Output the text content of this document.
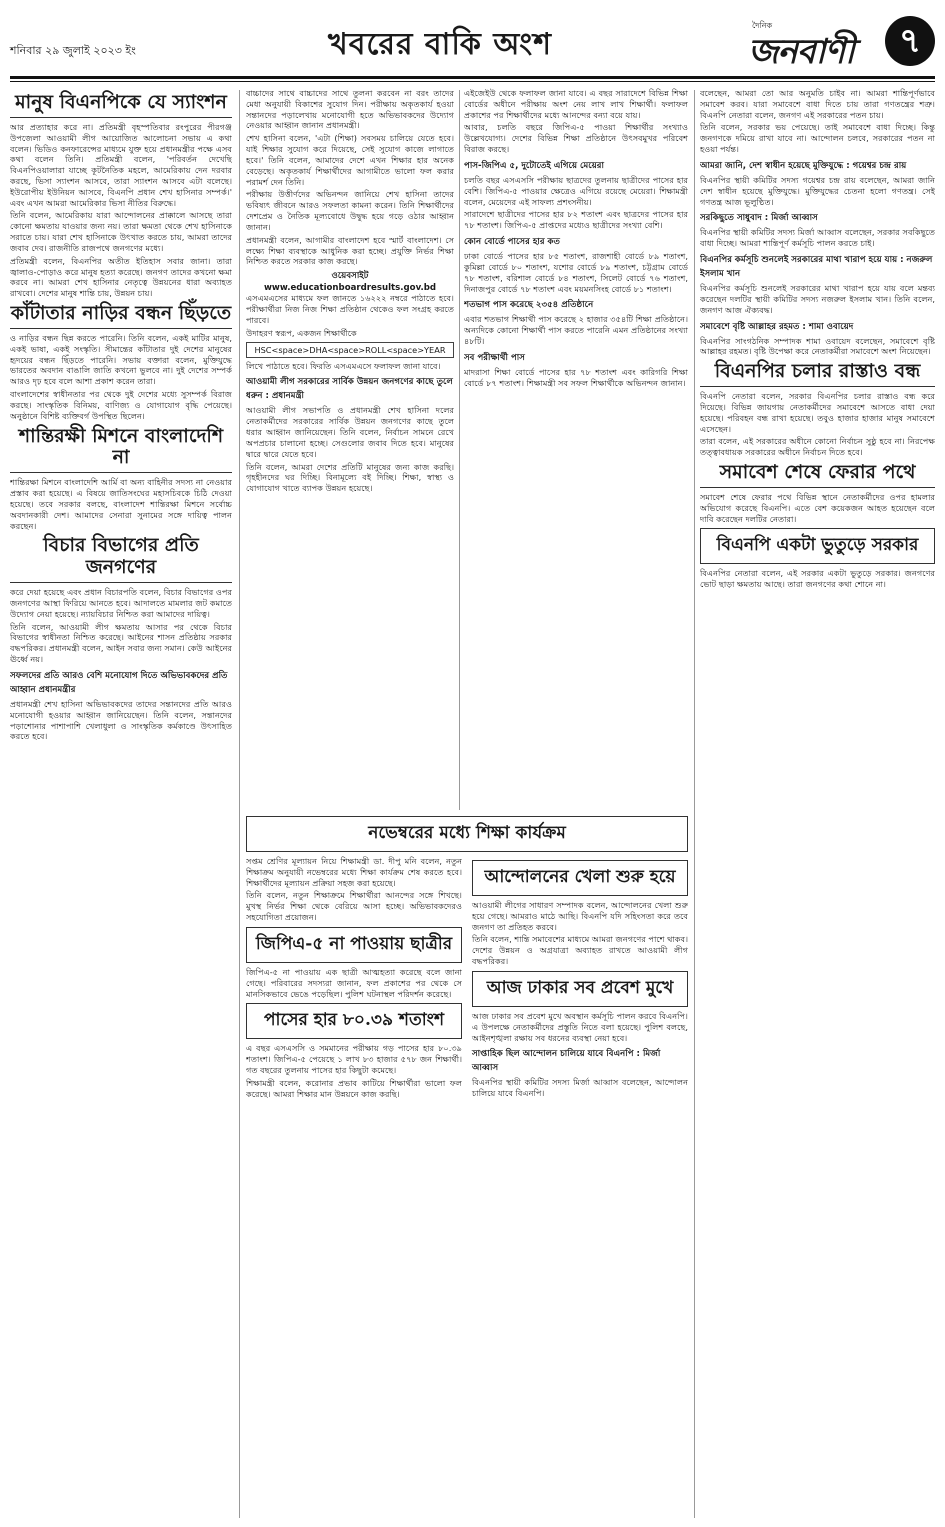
শনিবার ২৯ জুলাই ২০২৩ ইং	খবরের বাকি অংশ
দৈনিক
জনবাণী	৭
মানুষ বিএনপিকে যে স্যাংশন

আর প্রত্যাহার করে না। প্রতিমন্ত্রী বৃহস্পতিবার রংপুরের পীরগঞ্জ উপজেলা আওয়ামী লীগ আয়োজিত আলোচনা সভায় এ কথা বলেন। ভিডিও কনফারেন্সের মাধ্যমে যুক্ত হয়ে প্রধানমন্ত্রীর পক্ষে এসব কথা বলেন তিনি। প্রতিমন্ত্রী বলেন, 'পরিবর্তন দেখেছি বিএনপিওয়ালারা যাচ্ছে কূটনৈতিক মহলে, আমেরিকায় দেন দরবার করছে, ভিসা স্যাংশন আসবে, তারা স্যাংশন আসবে এটা বলেছে। ইউরোপীয় ইউনিয়ন আসবে, বিএনপি প্রধান শেখ হাসিনার সম্পর্ক।' এবং এখন আমরা আমেরিকার ভিসা নীতির বিরুদ্ধে।

তিনি বলেন, আমেরিকায় যারা আন্দোলনের প্রাক্কালে আসছে তারা কোনো ক্ষমতায় যাওয়ার জন্য নয়। তারা ক্ষমতা থেকে শেখ হাসিনাকে সরাতে চায়। যারা শেখ হাসিনাকে উৎখাত করতে চায়, আমরা তাদের জবাব দেব। রাজনীতি রাজপথে জনগণের মধ্যে।

প্রতিমন্ত্রী বলেন, বিএনপির অতীত ইতিহাস সবার জানা। তারা জ্বালাও-পোড়াও করে মানুষ হত্যা করেছে। জনগণ তাদের কখনো ক্ষমা করবে না। আমরা শেখ হাসিনার নেতৃত্বে উন্নয়নের ধারা অব্যাহত রাখবো। দেশের মানুষ শান্তি চায়, উন্নয়ন চায়।

কাঁটাতার নাড়ির বন্ধন ছিঁড়তে

ও নাড়ির বন্ধন ছিন্ন করতে পারেনি। তিনি বলেন, একই মাটির মানুষ, একই ভাষা, একই সংস্কৃতি। সীমান্তের কাঁটাতার দুই দেশের মানুষের হৃদয়ের বন্ধন ছিঁড়তে পারেনি। সভায় বক্তারা বলেন, মুক্তিযুদ্ধে ভারতের অবদান বাঙালি জাতি কখনো ভুলবে না। দুই দেশের সম্পর্ক আরও দৃঢ় হবে বলে আশা প্রকাশ করেন তারা।

বাংলাদেশের স্বাধীনতার পর থেকে দুই দেশের মধ্যে সুসম্পর্ক বিরাজ করছে। সাংস্কৃতিক বিনিময়, বাণিজ্য ও যোগাযোগ বৃদ্ধি পেয়েছে। অনুষ্ঠানে বিশিষ্ট ব্যক্তিবর্গ উপস্থিত ছিলেন।

শান্তিরক্ষী মিশনে বাংলাদেশি না

শান্তিরক্ষা মিশনে বাংলাদেশি আর্মি বা অন্য বাহিনীর সদস্য না নেওয়ার প্রস্তাব করা হয়েছে। এ বিষয়ে জাতিসংঘের মহাসচিবকে চিঠি দেওয়া হয়েছে। তবে সরকার বলছে, বাংলাদেশ শান্তিরক্ষা মিশনে সর্বোচ্চ অবদানকারী দেশ। আমাদের সেনারা সুনামের সঙ্গে দায়িত্ব পালন করছেন।

বিচার বিভাগের প্রতি জনগণের

করে দেয়া হয়েছে এবং প্রধান বিচারপতি বলেন, বিচার বিভাগের ওপর জনগণের আস্থা ফিরিয়ে আনতে হবে। আদালতে মামলার জট কমাতে উদ্যোগ নেয়া হয়েছে। ন্যায়বিচার নিশ্চিত করা আমাদের দায়িত্ব।

তিনি বলেন, আওয়ামী লীগ ক্ষমতায় আসার পর থেকে বিচার বিভাগের স্বাধীনতা নিশ্চিত করেছে। আইনের শাসন প্রতিষ্ঠায় সরকার বদ্ধপরিকর। প্রধানমন্ত্রী বলেন, আইন সবার জন্য সমান। কেউ আইনের ঊর্ধ্বে নয়।

সফলদের প্রতি আরও বেশি মনোযোগ দিতে অভিভাবকদের প্রতি আহ্বান প্রধানমন্ত্রীর

প্রধানমন্ত্রী শেখ হাসিনা অভিভাবকদের তাদের সন্তানদের প্রতি আরও মনোযোগী হওয়ার আহ্বান জানিয়েছেন। তিনি বলেন, সন্তানদের পড়াশোনার পাশাপাশি খেলাধুলা ও সাংস্কৃতিক কর্মকাণ্ডে উৎসাহিত করতে হবে।

বাচ্চাদের সাথে বাচ্চাদের সাথে তুলনা করবেন না বরং তাদের মেধা অনুযায়ী বিকাশের সুযোগ দিন। পরীক্ষায় অকৃতকার্য হওয়া সন্তানদের পড়ালেখায় মনোযোগী হতে অভিভাবকদের উদ্যোগ নেওয়ার আহ্বান জানান প্রধানমন্ত্রী।

শেখ হাসিনা বলেন, 'এটা (শিক্ষা) সবসময় চালিয়ে যেতে হবে। যাই শিক্ষার সুযোগ করে দিয়েছে, সেই সুযোগ কাজে লাগাতে হবে।' তিনি বলেন, আমাদের দেশে এখন শিক্ষার হার অনেক বেড়েছে। অকৃতকার্য শিক্ষার্থীদের আগামীতে ভালো ফল করার পরামর্শ দেন তিনি।

পরীক্ষায় উত্তীর্ণদের অভিনন্দন জানিয়ে শেখ হাসিনা তাদের ভবিষ্যৎ জীবনে আরও সফলতা কামনা করেন। তিনি শিক্ষার্থীদের দেশপ্রেম ও নৈতিক মূল্যবোধে উদ্বুদ্ধ হয়ে গড়ে ওঠার আহ্বান জানান।

প্রধানমন্ত্রী বলেন, আগামীর বাংলাদেশ হবে স্মার্ট বাংলাদেশ। সে লক্ষ্যে শিক্ষা ব্যবস্থাকে আধুনিক করা হচ্ছে। প্রযুক্তি নির্ভর শিক্ষা নিশ্চিত করতে সরকার কাজ করছে।

ওয়েবসাইট www.educationboardresults.gov.bd

এসএমএসের মাধ্যমে ফল জানতে ১৬২২২ নম্বরে পাঠাতে হবে। পরীক্ষার্থীরা নিজ নিজ শিক্ষা প্রতিষ্ঠান থেকেও ফল সংগ্রহ করতে পারবে।

উদাহরণ স্বরূপ, একজন শিক্ষার্থীকে

HSC<space>DHA<space>ROLL<space>YEAR

লিখে পাঠাতে হবে। ফিরতি এসএমএসে ফলাফল জানা যাবে।

আওয়ামী লীগ সরকারের সার্বিক উন্নয়ন জনগণের কাছে তুলে ধরুন : প্রধানমন্ত্রী

আওয়ামী লীগ সভাপতি ও প্রধানমন্ত্রী শেখ হাসিনা দলের নেতাকর্মীদের সরকারের সার্বিক উন্নয়ন জনগণের কাছে তুলে ধরার আহ্বান জানিয়েছেন। তিনি বলেন, নির্বাচন সামনে রেখে অপপ্রচার চালানো হচ্ছে। সেগুলোর জবাব দিতে হবে। মানুষের দ্বারে দ্বারে যেতে হবে।

তিনি বলেন, আমরা দেশের প্রতিটি মানুষের জন্য কাজ করছি। গৃহহীনদের ঘর দিচ্ছি। বিনামূল্যে বই দিচ্ছি। শিক্ষা, স্বাস্থ্য ও যোগাযোগ খাতে ব্যাপক উন্নয়ন হয়েছে।

এইজেইউ থেকে ফলাফল জানা যাবে। এ বছর সারাদেশে বিভিন্ন শিক্ষা বোর্ডের অধীনে পরীক্ষায় অংশ নেয় লাখ লাখ শিক্ষার্থী। ফলাফল প্রকাশের পর শিক্ষার্থীদের মধ্যে আনন্দের বন্যা বয়ে যায়।

আবার, চলতি বছরে জিপিএ-৫ পাওয়া শিক্ষার্থীর সংখ্যাও উল্লেখযোগ্য। দেশের বিভিন্ন শিক্ষা প্রতিষ্ঠানে উৎসবমুখর পরিবেশ বিরাজ করছে।

পাস-জিপিএ ৫, দুটোতেই এগিয়ে মেয়েরা

চলতি বছর এসএসসি পরীক্ষায় ছাত্রদের তুলনায় ছাত্রীদের পাসের হার বেশি। জিপিএ-৫ পাওয়ার ক্ষেত্রেও এগিয়ে রয়েছে মেয়েরা। শিক্ষামন্ত্রী বলেন, মেয়েদের এই সাফল্য প্রশংসনীয়।

সারাদেশে ছাত্রীদের পাসের হার ৮২ শতাংশ এবং ছাত্রদের পাসের হার ৭৮ শতাংশ। জিপিএ-৫ প্রাপ্তদের মধ্যেও ছাত্রীদের সংখ্যা বেশি।

কোন বোর্ডে পাসের হার কত

ঢাকা বোর্ডে পাসের হার ৮৫ শতাংশ, রাজশাহী বোর্ডে ৮৯ শতাংশ, কুমিল্লা বোর্ডে ৮০ শতাংশ, যশোর বোর্ডে ৮৯ শতাংশ, চট্টগ্রাম বোর্ডে ৭৮ শতাংশ, বরিশাল বোর্ডে ৮৪ শতাংশ, সিলেট বোর্ডে ৭৬ শতাংশ, দিনাজপুর বোর্ডে ৭৮ শতাংশ এবং ময়মনসিংহ বোর্ডে ৮১ শতাংশ।

শতভাগ পাস করেছে ২৩৫৪ প্রতিষ্ঠানে

এবার শতভাগ শিক্ষার্থী পাস করেছে ২ হাজার ৩৫৪টি শিক্ষা প্রতিষ্ঠানে। অন্যদিকে কোনো শিক্ষার্থী পাস করতে পারেনি এমন প্রতিষ্ঠানের সংখ্যা ৪৮টি।

সব পরীক্ষার্থী পাস

মাদরাসা শিক্ষা বোর্ডে পাসের হার ৭৮ শতাংশ এবং কারিগরি শিক্ষা বোর্ডে ৮৭ শতাংশ। শিক্ষামন্ত্রী সব সফল শিক্ষার্থীকে অভিনন্দন জানান।

নভেম্বরের মধ্যে শিক্ষা কার্যক্রম

সপ্তম শ্রেণির মূল্যায়ন নিয়ে শিক্ষামন্ত্রী ডা. দীপু মনি বলেন, নতুন শিক্ষাক্রম অনুযায়ী নভেম্বরের মধ্যে শিক্ষা কার্যক্রম শেষ করতে হবে। শিক্ষার্থীদের মূল্যায়ন প্রক্রিয়া সহজ করা হয়েছে।

তিনি বলেন, নতুন শিক্ষাক্রমে শিক্ষার্থীরা আনন্দের সঙ্গে শিখছে। মুখস্থ নির্ভর শিক্ষা থেকে বেরিয়ে আসা হচ্ছে। অভিভাবকদেরও সহযোগিতা প্রয়োজন।

জিপিএ-৫ না পাওয়ায় ছাত্রীর

জিপিএ-৫ না পাওয়ায় এক ছাত্রী আত্মহত্যা করেছে বলে জানা গেছে। পরিবারের সদস্যরা জানান, ফল প্রকাশের পর থেকে সে মানসিকভাবে ভেঙে পড়েছিল। পুলিশ ঘটনাস্থল পরিদর্শন করেছে।

পাসের হার ৮০.৩৯ শতাংশ

এ বছর এসএসসি ও সমমানের পরীক্ষায় গড় পাসের হার ৮০.৩৯ শতাংশ। জিপিএ-৫ পেয়েছে ১ লাখ ৮৩ হাজার ৫৭৮ জন শিক্ষার্থী। গত বছরের তুলনায় পাসের হার কিছুটা কমেছে।

শিক্ষামন্ত্রী বলেন, করোনার প্রভাব কাটিয়ে শিক্ষার্থীরা ভালো ফল করেছে। আমরা শিক্ষার মান উন্নয়নে কাজ করছি।

আন্দোলনের খেলা শুরু হয়ে

আওয়ামী লীগের সাধারণ সম্পাদক বলেন, আন্দোলনের খেলা শুরু হয়ে গেছে। আমরাও মাঠে আছি। বিএনপি যদি সহিংসতা করে তবে জনগণ তা প্রতিহত করবে।

তিনি বলেন, শান্তি সমাবেশের মাধ্যমে আমরা জনগণের পাশে থাকব। দেশের উন্নয়ন ও অগ্রযাত্রা অব্যাহত রাখতে আওয়ামী লীগ বদ্ধপরিকর।

আজ ঢাকার সব প্রবেশ মুখে

আজ ঢাকার সব প্রবেশ মুখে অবস্থান কর্মসূচি পালন করবে বিএনপি। এ উপলক্ষে নেতাকর্মীদের প্রস্তুতি নিতে বলা হয়েছে। পুলিশ বলছে, আইনশৃঙ্খলা রক্ষায় সব ধরনের ব্যবস্থা নেয়া হবে।

সাপ্তাহিক ছিল আন্দোলন চালিয়ে যাবে বিএনপি : মির্জা আব্বাস

বিএনপির স্থায়ী কমিটির সদস্য মির্জা আব্বাস বলেছেন, আন্দোলন চালিয়ে যাবে বিএনপি।

বলেছেন, আমরা তো আর অনুমতি চাইব না। আমরা শান্তিপূর্ণভাবে সমাবেশ করব। যারা সমাবেশে বাধা দিতে চায় তারা গণতন্ত্রের শত্রু। বিএনপি নেতারা বলেন, জনগণ এই সরকারের পতন চায়।

তিনি বলেন, সরকার ভয় পেয়েছে। তাই সমাবেশে বাধা দিচ্ছে। কিন্তু জনগণকে দমিয়ে রাখা যাবে না। আন্দোলন চলবে, সরকারের পতন না হওয়া পর্যন্ত।

আমরা জানি, দেশ স্বাধীন হয়েছে মুক্তিযুদ্ধে : গয়েশ্বর চন্দ্র রায়

বিএনপির স্থায়ী কমিটির সদস্য গয়েশ্বর চন্দ্র রায় বলেছেন, আমরা জানি দেশ স্বাধীন হয়েছে মুক্তিযুদ্ধে। মুক্তিযুদ্ধের চেতনা হলো গণতন্ত্র। সেই গণতন্ত্র আজ ভূলুণ্ঠিত।

সরকিছুতে সাধুবাদ : মির্জা আব্বাস

বিএনপির স্থায়ী কমিটির সদস্য মির্জা আব্বাস বলেছেন, সরকার সবকিছুতে বাধা দিচ্ছে। আমরা শান্তিপূর্ণ কর্মসূচি পালন করতে চাই।

বিএনপির কর্মসূচি শুনলেই সরকারের মাথা খারাপ হয়ে যায় : নজরুল ইসলাম খান

বিএনপির কর্মসূচি শুনলেই সরকারের মাথা খারাপ হয়ে যায় বলে মন্তব্য করেছেন দলটির স্থায়ী কমিটির সদস্য নজরুল ইসলাম খান। তিনি বলেন, জনগণ আজ ঐক্যবদ্ধ।

সমাবেশে বৃষ্টি আল্লাহর রহমত : শামা ওবায়েদ

বিএনপির সাংগঠনিক সম্পাদক শামা ওবায়েদ বলেছেন, সমাবেশে বৃষ্টি আল্লাহর রহমত। বৃষ্টি উপেক্ষা করে নেতাকর্মীরা সমাবেশে অংশ নিয়েছেন।

বিএনপির চলার রাস্তাও বন্ধ

বিএনপি নেতারা বলেন, সরকার বিএনপির চলার রাস্তাও বন্ধ করে দিয়েছে। বিভিন্ন জায়গায় নেতাকর্মীদের সমাবেশে আসতে বাধা দেয়া হয়েছে। পরিবহন বন্ধ রাখা হয়েছে। তবুও হাজার হাজার মানুষ সমাবেশে এসেছেন।

তারা বলেন, এই সরকারের অধীনে কোনো নির্বাচন সুষ্ঠু হবে না। নিরপেক্ষ তত্ত্বাবধায়ক সরকারের অধীনে নির্বাচন দিতে হবে।

সমাবেশ শেষে ফেরার পথে

সমাবেশ শেষে ফেরার পথে বিভিন্ন স্থানে নেতাকর্মীদের ওপর হামলার অভিযোগ করেছে বিএনপি। এতে বেশ কয়েকজন আহত হয়েছেন বলে দাবি করেছেন দলটির নেতারা।

বিএনপি একটা ভুতুড়ে সরকার

বিএনপির নেতারা বলেন, এই সরকার একটা ভুতুড়ে সরকার। জনগণের ভোট ছাড়া ক্ষমতায় আছে। তারা জনগণের কথা শোনে না।
